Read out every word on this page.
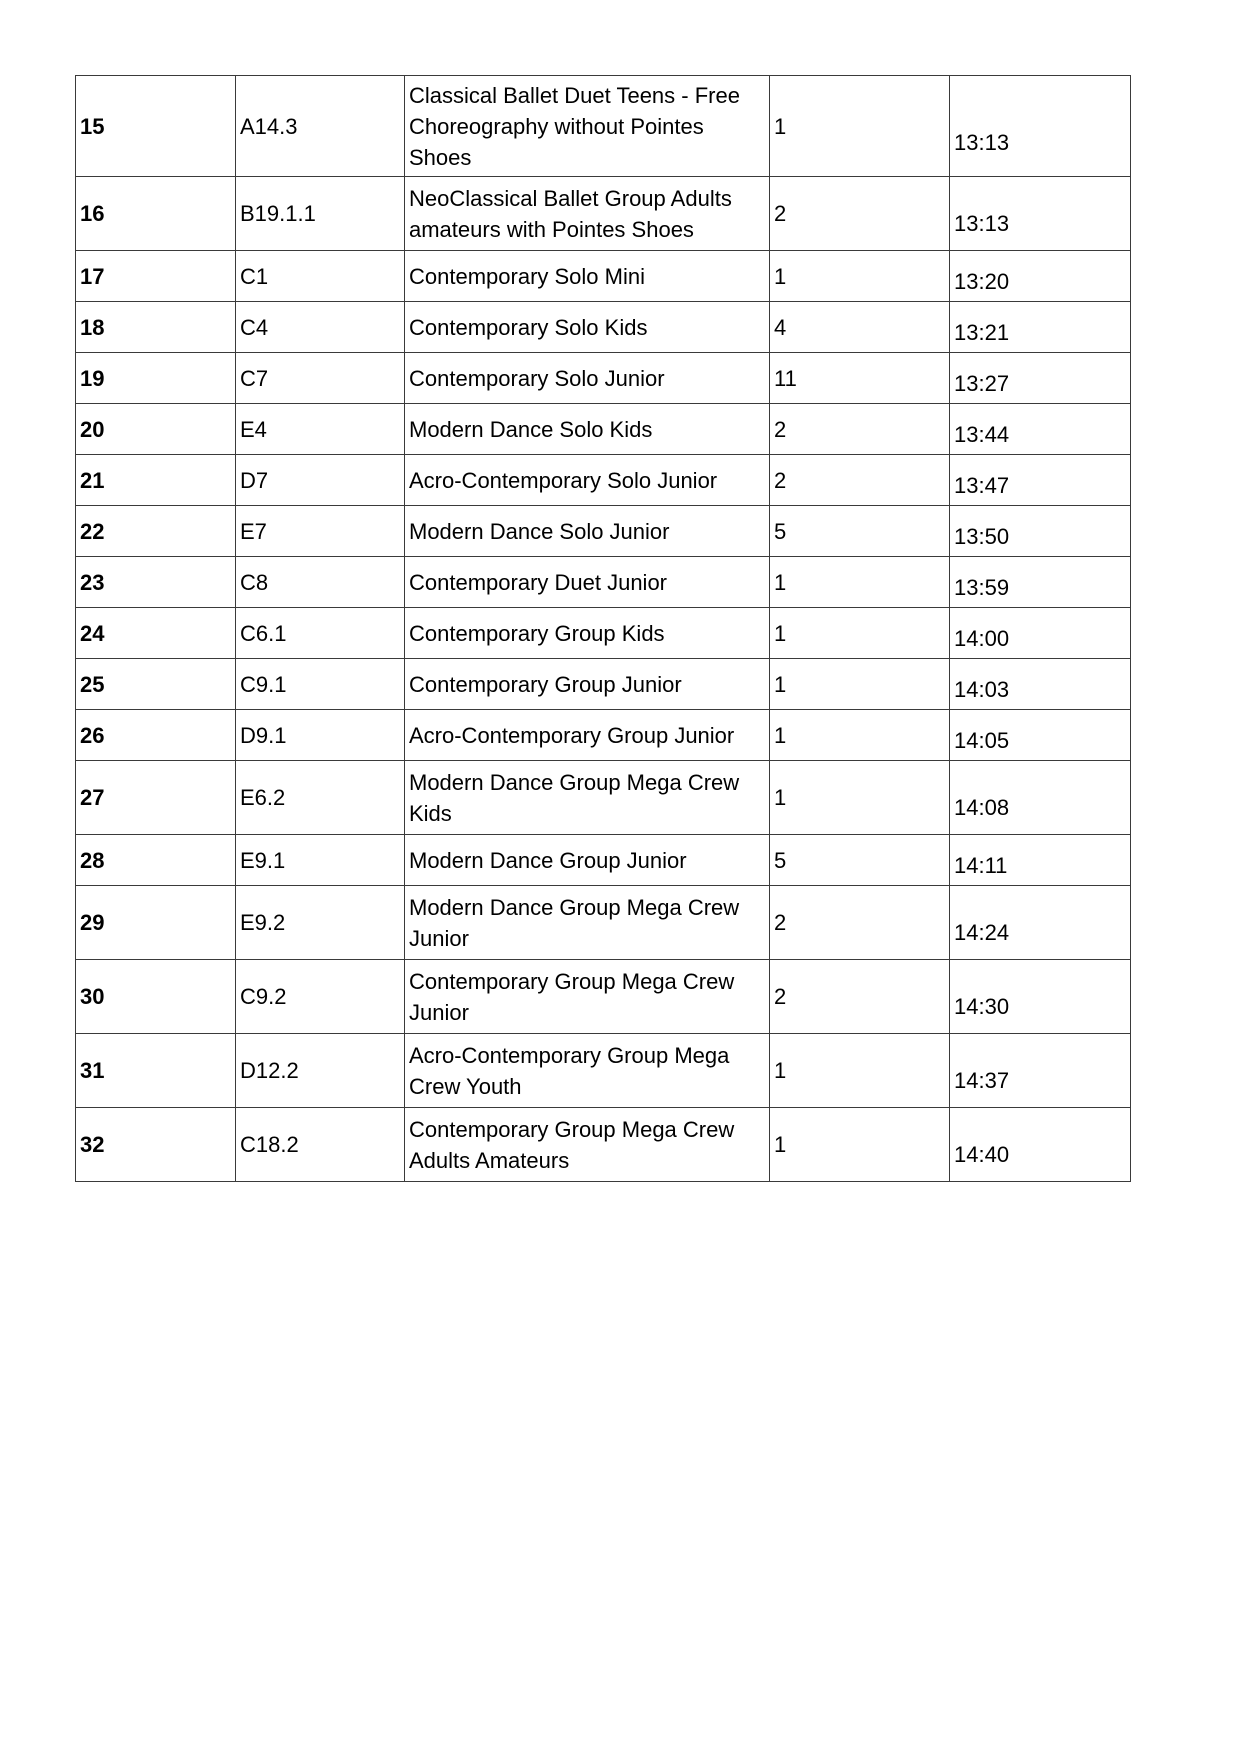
15	A14.3	Classical Ballet Duet Teens - Free Choreography without Pointes Shoes	1	13:13
16	B19.1.1	NeoClassical Ballet Group Adults amateurs with Pointes Shoes	2	13:13
17	C1	Contemporary Solo Mini	1	13:20
18	C4	Contemporary Solo Kids	4	13:21
19	C7	Contemporary Solo Junior	11	13:27
20	E4	Modern Dance Solo Kids	2	13:44
21	D7	Acro-Contemporary Solo Junior	2	13:47
22	E7	Modern Dance Solo Junior	5	13:50
23	C8	Contemporary Duet Junior	1	13:59
24	C6.1	Contemporary Group Kids	1	14:00
25	C9.1	Contemporary Group Junior	1	14:03
26	D9.1	Acro-Contemporary Group Junior	1	14:05
27	E6.2	Modern Dance Group Mega Crew Kids	1	14:08
28	E9.1	Modern Dance Group Junior	5	14:11
29	E9.2	Modern Dance Group Mega Crew Junior	2	14:24
30	C9.2	Contemporary Group Mega Crew Junior	2	14:30
31	D12.2	Acro-Contemporary Group Mega Crew Youth	1	14:37
32	C18.2	Contemporary Group Mega Crew Adults Amateurs	1	14:40
